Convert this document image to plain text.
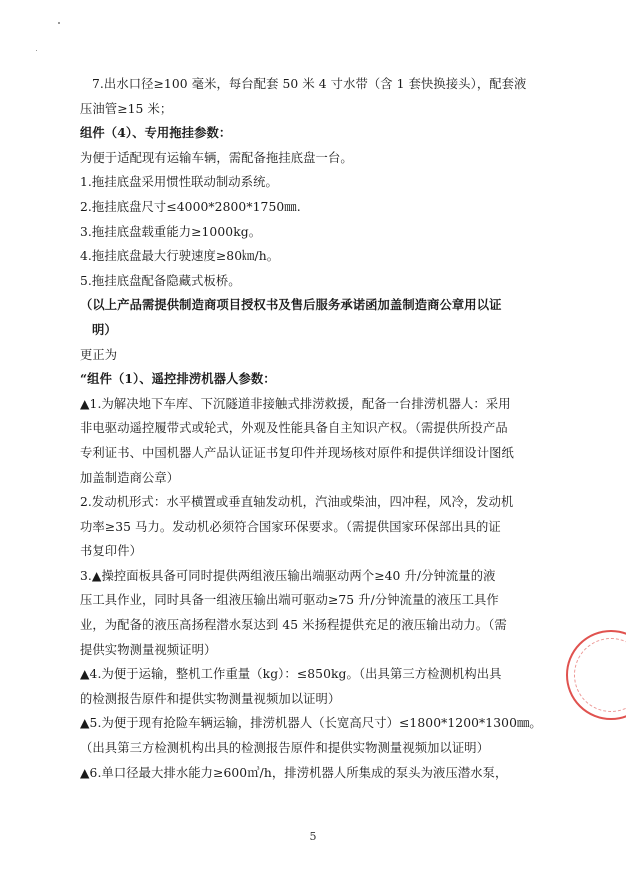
7.出水口径≥100 毫米，每台配套 50 米 4 寸水带（含 1 套快换接头），配套液
压油管≥15 米；
组件（4）、专用拖挂参数：
为便于适配现有运输车辆，需配备拖挂底盘一台。
1.拖挂底盘采用惯性联动制动系统。
2.拖挂底盘尺寸≤4000*2800*1750㎜.
3.拖挂底盘载重能力≥1000kg。
4.拖挂底盘最大行驶速度≥80㎞/h。
5.拖挂底盘配备隐藏式板桥。
（以上产品需提供制造商项目授权书及售后服务承诺函加盖制造商公章用以证
明）
更正为
“组件（1）、遥控排涝机器人参数：
▲1.为解决地下车库、下沉隧道非接触式排涝救援，配备一台排涝机器人：采用
非电驱动遥控履带式或轮式，外观及性能具备自主知识产权。（需提供所投产品
专利证书、中国机器人产品认证证书复印件并现场核对原件和提供详细设计图纸
加盖制造商公章）
2.发动机形式：水平横置或垂直轴发动机，汽油或柴油，四冲程，风冷，发动机
功率≥35 马力。发动机必须符合国家环保要求。（需提供国家环保部出具的证
书复印件）
3.▲操控面板具备可同时提供两组液压输出端驱动两个≥40 升/分钟流量的液
压工具作业，同时具备一组液压输出端可驱动≥75 升/分钟流量的液压工具作
业，为配备的液压高扬程潜水泵达到 45 米扬程提供充足的液压输出动力。（需
提供实物测量视频证明）
▲4.为便于运输，整机工作重量（kg）：≤850kg。（出具第三方检测机构出具
的检测报告原件和提供实物测量视频加以证明）
▲5.为便于现有抢险车辆运输，排涝机器人（长宽高尺寸）≤1800*1200*1300㎜。
（出具第三方检测机构出具的检测报告原件和提供实物测量视频加以证明）
▲6.单口径最大排水能力≥600㎥/h，排涝机器人所集成的泵头为液压潜水泵，
5
